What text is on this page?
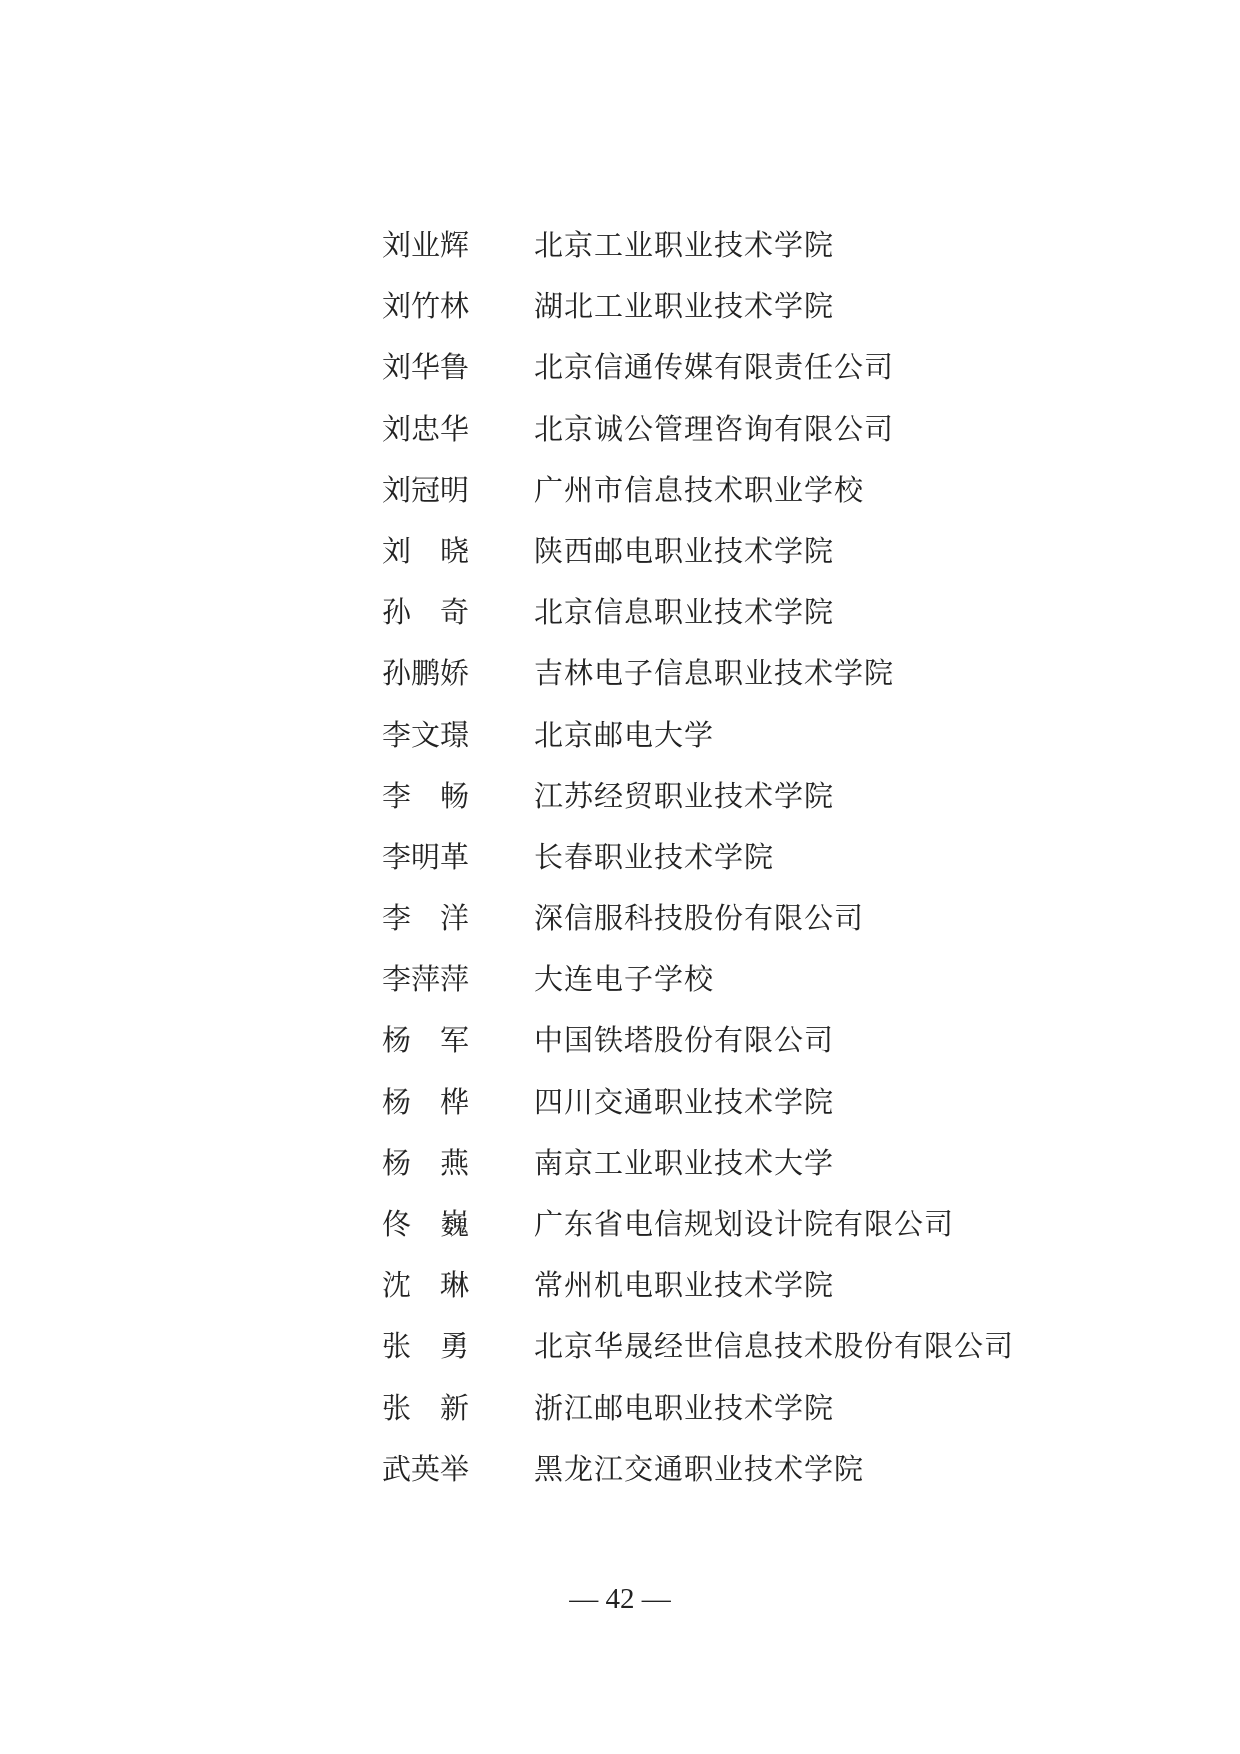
刘业辉 北京工业职业技术学院
刘竹林 湖北工业职业技术学院
刘华鲁 北京信通传媒有限责任公司
刘忠华 北京诚公管理咨询有限公司
刘冠明 广州市信息技术职业学校
刘　晓 陕西邮电职业技术学院
孙　奇 北京信息职业技术学院
孙鹏娇 吉林电子信息职业技术学院
李文璟 北京邮电大学
李　畅 江苏经贸职业技术学院
李明革 长春职业技术学院
李　洋 深信服科技股份有限公司
李萍萍 大连电子学校
杨　军 中国铁塔股份有限公司
杨　桦 四川交通职业技术学院
杨　燕 南京工业职业技术大学
佟　巍 广东省电信规划设计院有限公司
沈　琳 常州机电职业技术学院
张　勇 北京华晟经世信息技术股份有限公司
张　新 浙江邮电职业技术学院
武英举 黑龙江交通职业技术学院
— 42 —
